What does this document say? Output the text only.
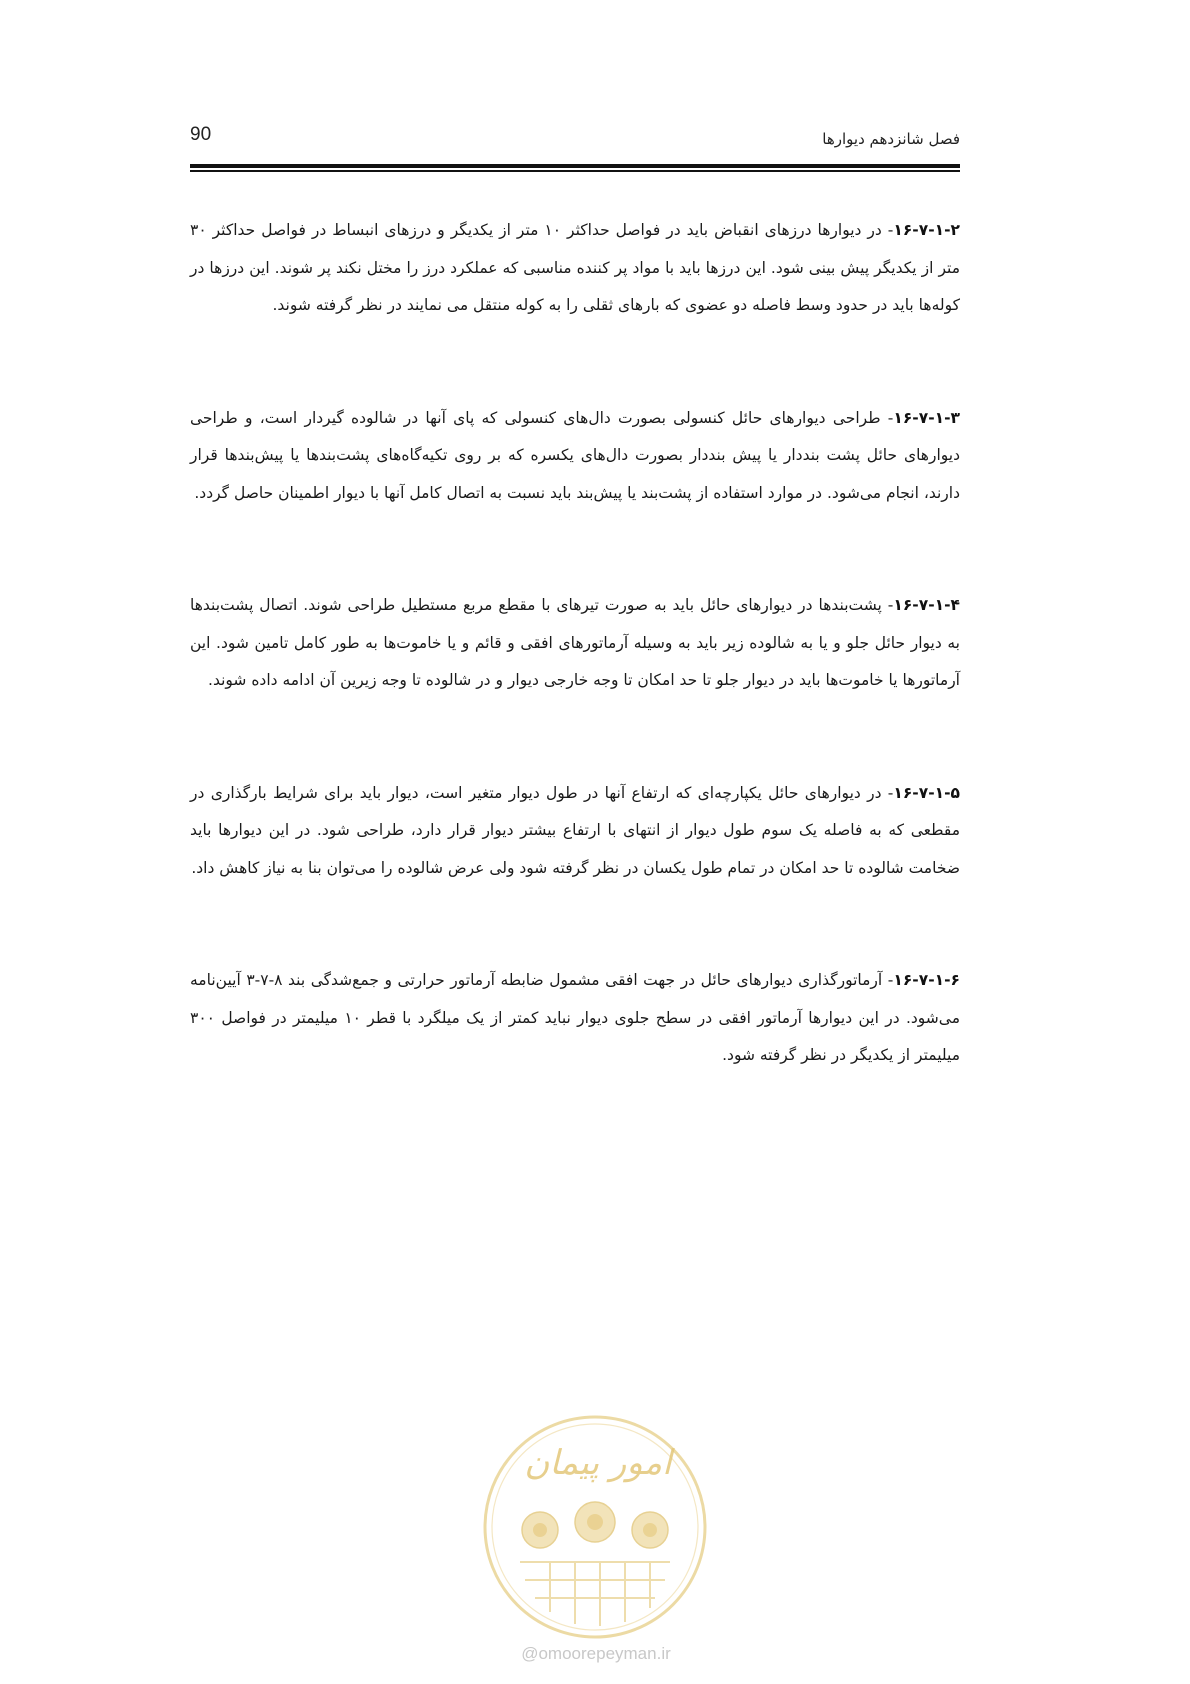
90	فصل شانزدهم دیوارها

۱۶-۷-۱-۲- در دیوارها درزهای انقباض باید در فواصل حداکثر ۱۰ متر از یکدیگر و درزهای انبساط در فواصل حداکثر ۳۰ متر از یکدیگر پیش بینی شود. این درزها باید با مواد پر کننده مناسبی که عملکرد درز را مختل نکند پر شوند. این درزها در کوله‌ها باید در حدود وسط فاصله دو عضوی که بارهای ثقلی را به کوله منتقل می نمایند در نظر گرفته شوند.

۱۶-۷-۱-۳- طراحی دیوارهای حائل کنسولی بصورت دال‌های کنسولی که پای آنها در شالوده گیردار است، و طراحی دیوارهای حائل پشت بنددار یا پیش بنددار بصورت دال‌های یکسره که بر روی تکیه‌گاه‌های پشت‌بندها یا پیش‌بندها قرار دارند، انجام می‌شود. در موارد استفاده از پشت‌بند یا پیش‌بند باید نسبت به اتصال کامل آنها با دیوار اطمینان حاصل گردد.

۱۶-۷-۱-۴- پشت‌بندها در دیوارهای حائل باید به صورت تیرهای با مقطع مربع مستطیل طراحی شوند. اتصال پشت‌بندها به دیوار حائل جلو و یا به شالوده زیر باید به وسیله آرماتورهای افقی و قائم و یا خاموت‌ها به طور کامل تامین شود. این آرماتورها یا خاموت‌ها باید در دیوار جلو تا حد امکان تا وجه خارجی دیوار و در شالوده تا وجه زیرین آن ادامه داده شوند.

۱۶-۷-۱-۵- در دیوارهای حائل یکپارچه‌ای که ارتفاع آنها در طول دیوار متغیر است، دیوار باید برای شرایط بارگذاری در مقطعی که به فاصله یک سوم طول دیوار از انتهای با ارتفاع بیشتر دیوار قرار دارد، طراحی شود. در این دیوارها باید ضخامت شالوده تا حد امکان در تمام طول یکسان در نظر گرفته شود ولی عرض شالوده را می‌توان بنا به نیاز کاهش داد.

۱۶-۷-۱-۶- آرماتورگذاری دیوارهای حائل در جهت افقی مشمول ضابطه آرماتور حرارتی و جمع‌شدگی بند ۸-۷-۳ آیین‌نامه می‌شود. در این دیوارها آرماتور افقی در سطح جلوی دیوار نباید کمتر از یک میلگرد با قطر ۱۰ میلیمتر در فواصل ۳۰۰ میلیمتر از یکدیگر در نظر گرفته شود.

امور پیمان
@omoorepeyman.ir
